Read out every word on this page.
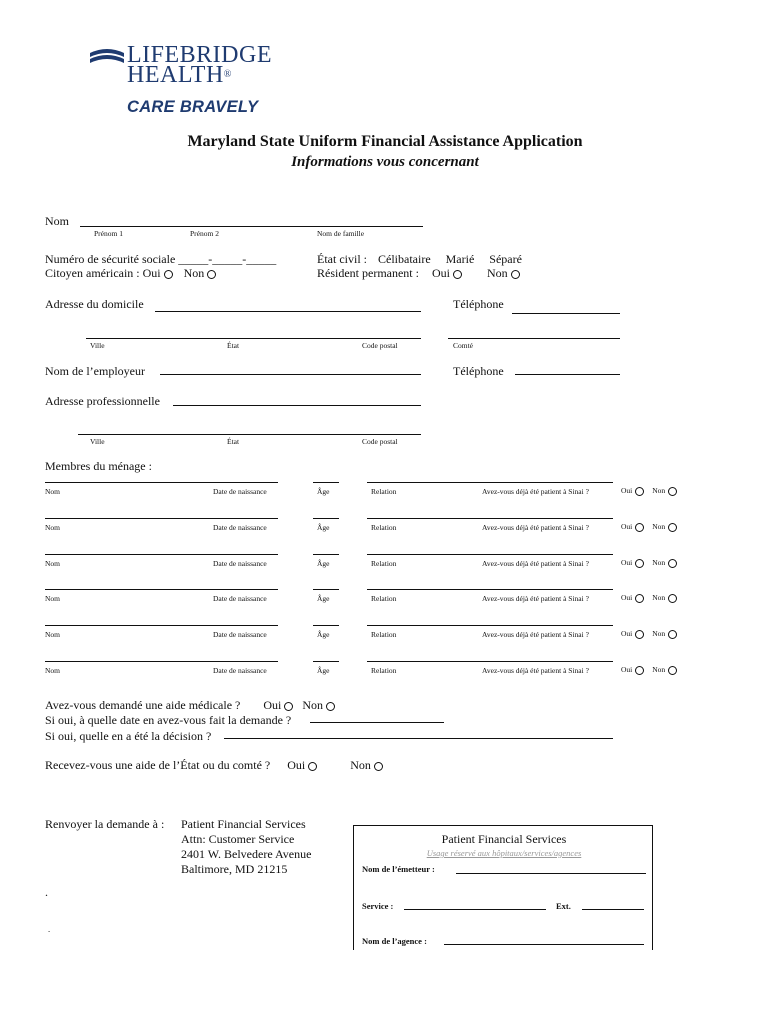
LIFEBRIDGE
HEALTH®
CARE BRAVELY
Maryland State Uniform Financial Assistance Application
Informations vous concernant
Nom
Prénom 1	Prénom 2	Nom de famille
Numéro de sécurité sociale _____-_____-_____
Citoyen américain : Oui Non
État civil : Célibataire Marié Séparé
Résident permanent : Oui	Non
Adresse du domicile	Téléphone
Ville	État	Code postal	Comté
Nom de l’employeur	Téléphone
Adresse professionnelle
Ville	État	Code postal
Membres du ménage :
Nom	Date de naissance	Âge	Relation	Avez-vous déjà été patient à Sinai ?	Oui	Non
Nom	Date de naissance	Âge	Relation	Avez-vous déjà été patient à Sinai ?	Oui	Non
Nom	Date de naissance	Âge	Relation	Avez-vous déjà été patient à Sinai ?	Oui	Non
Nom	Date de naissance	Âge	Relation	Avez-vous déjà été patient à Sinai ?	Oui	Non
Nom	Date de naissance	Âge	Relation	Avez-vous déjà été patient à Sinai ?	Oui	Non
Nom	Date de naissance	Âge	Relation	Avez-vous déjà été patient à Sinai ?	Oui	Non
Avez-vous demandé une aide médicale ? Oui Non
Si oui, à quelle date en avez-vous fait la demande ?
Si oui, quelle en a été la décision ?
Recevez-vous une aide de l’État ou du comté ? Oui	Non
Renvoyer la demande à : Patient Financial Services
Attn: Customer Service
2401 W. Belvedere Avenue
Baltimore, MD 21215
.
.
Patient Financial Services
Usage réservé aux hôpitaux/services/agences
Nom de l’émetteur :
Service :	Ext.
Nom de l’agence :
